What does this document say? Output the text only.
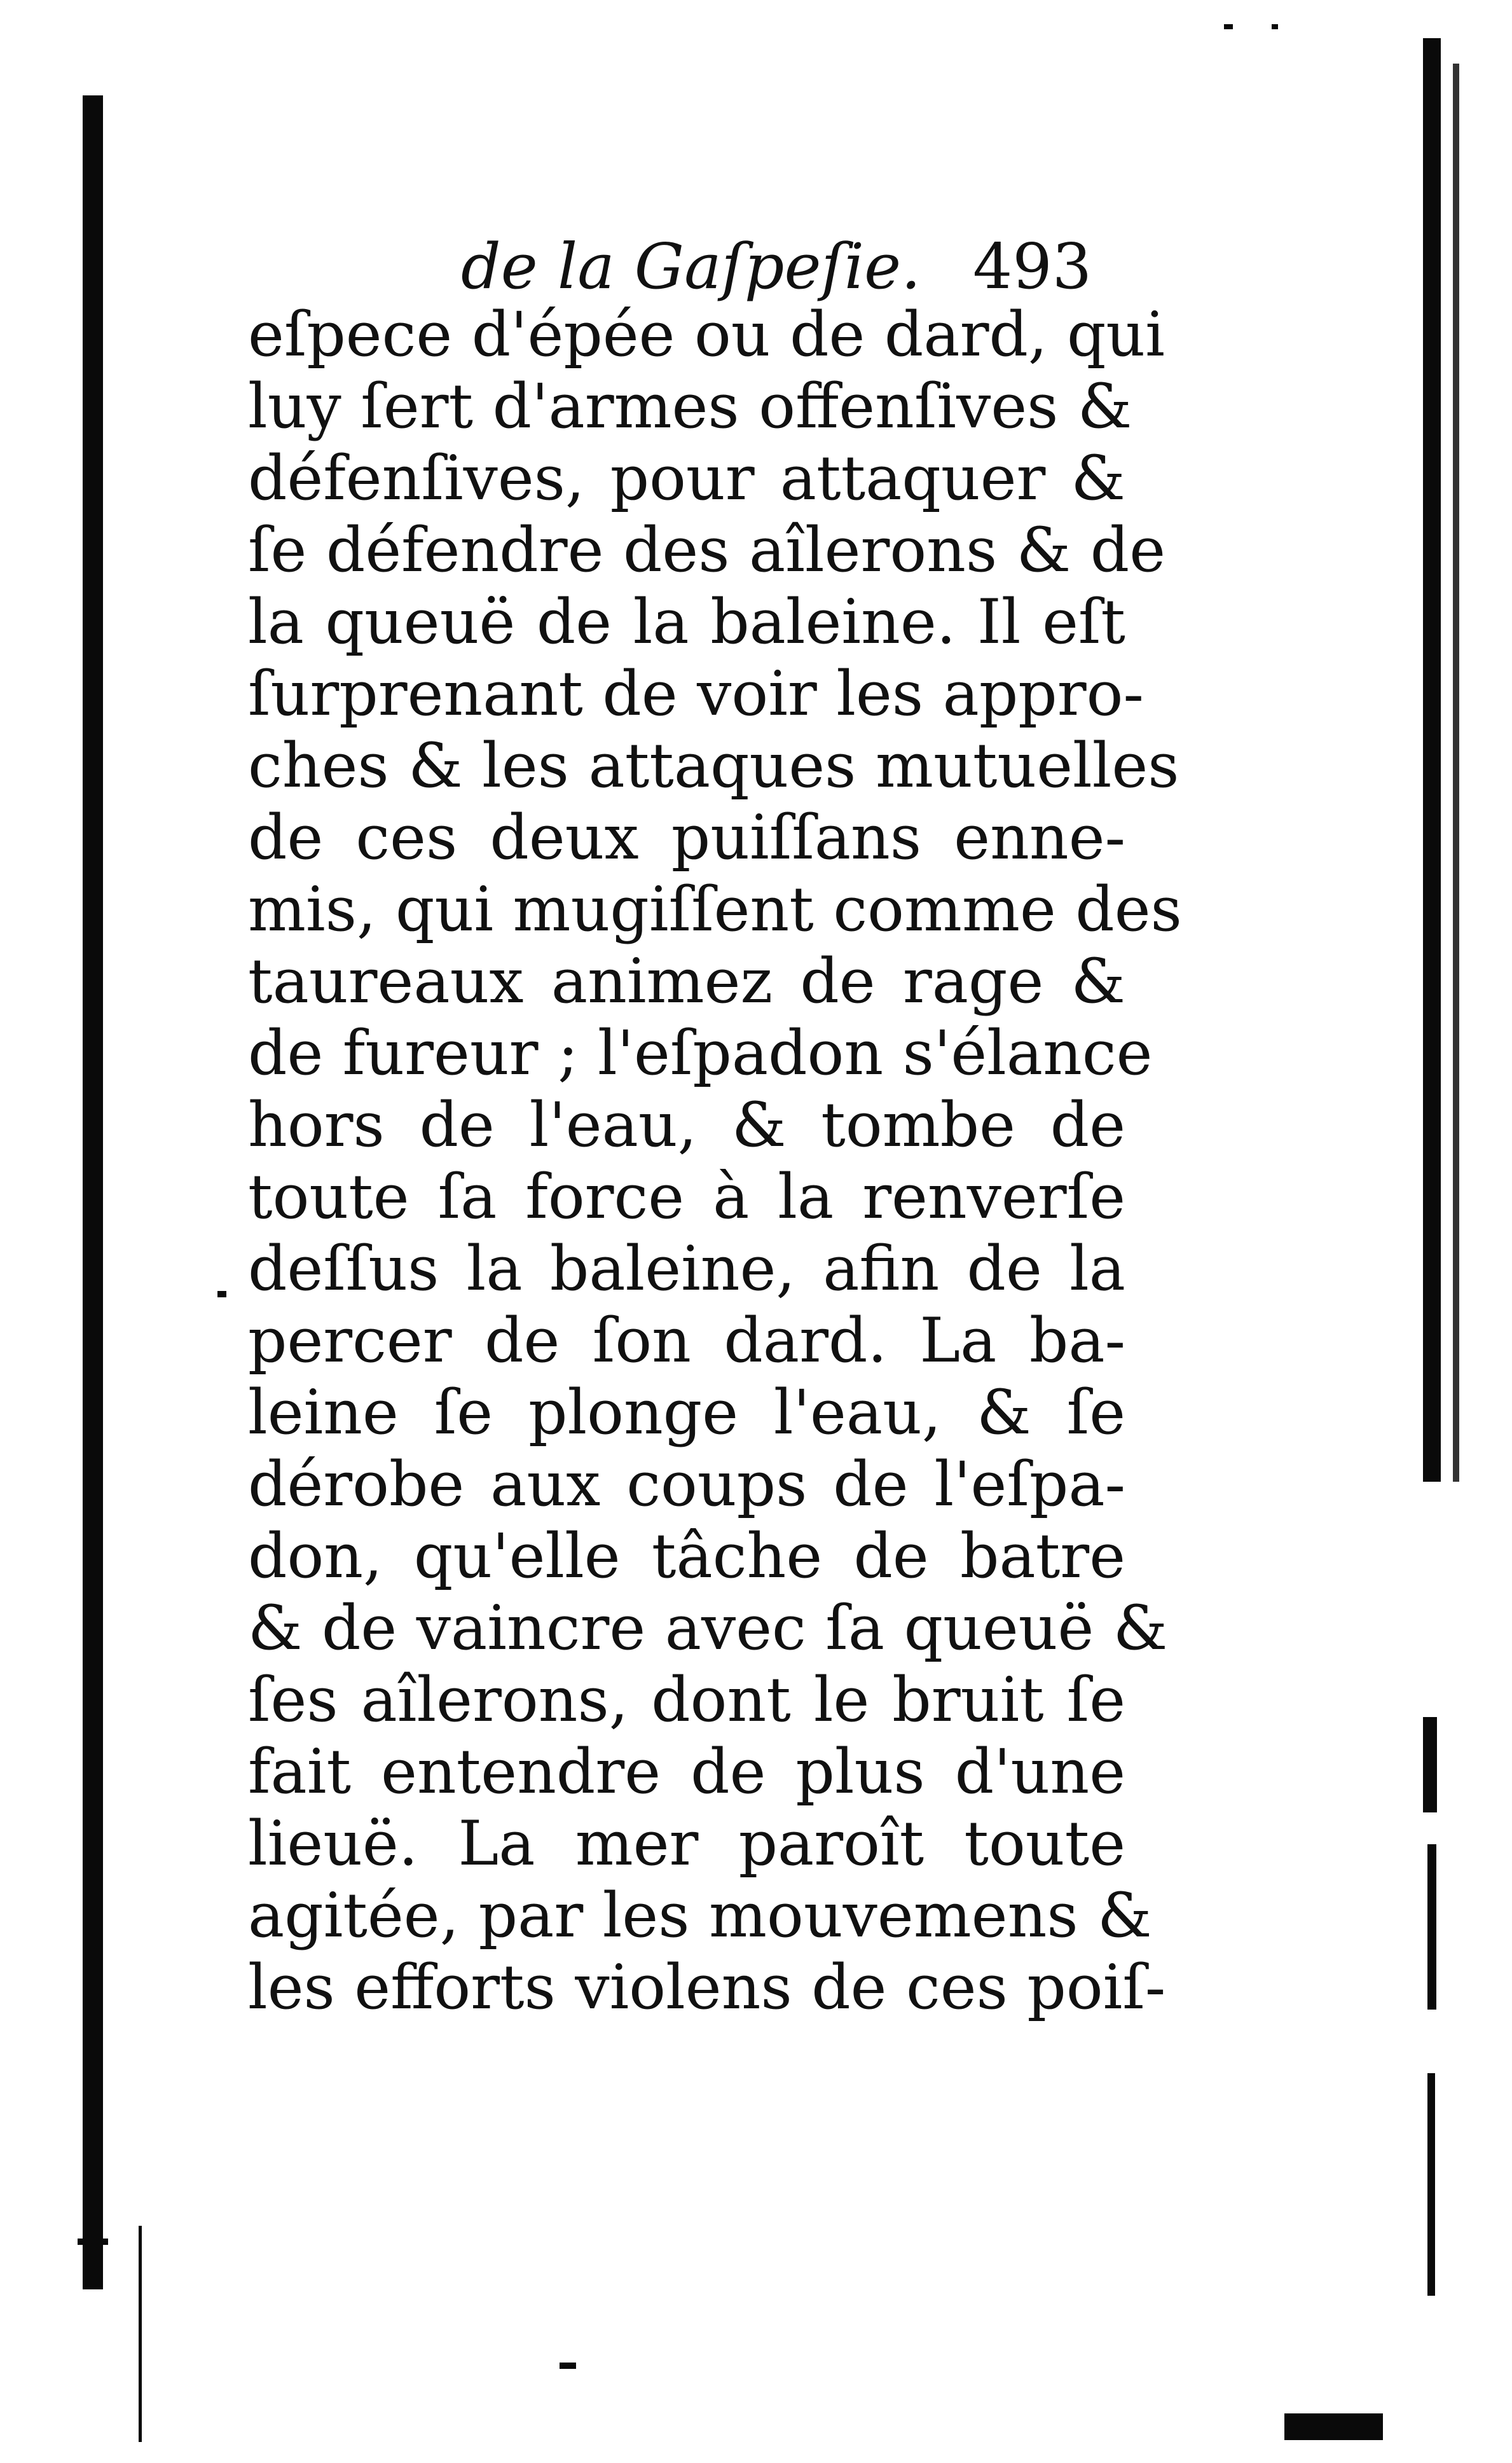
de la Gaſpeſie. 493
eſpece d'épée ou de dard, qui
luy ſert d'armes offenſives &
défenſives, pour attaquer &
ſe défendre des aîlerons & de
la queuë de la baleine. Il eſt
ſurprenant de voir les appro-
ches & les attaques mutuelles
de ces deux puiſſans enne-
mis, qui mugiſſent comme des
taureaux animez de rage &
de fureur ; l'eſpadon s'élance
hors de l'eau, & tombe de
toute ſa force à la renverſe
deſſus la baleine, afin de la
percer de ſon dard. La ba-
leine ſe plonge l'eau, & ſe
dérobe aux coups de l'eſpa-
don, qu'elle tâche de batre
& de vaincre avec ſa queuë &
ſes aîlerons, dont le bruit ſe
fait entendre de plus d'une
lieuë. La mer paroît toute
agitée, par les mouvemens &
les efforts violens de ces poiſ-
